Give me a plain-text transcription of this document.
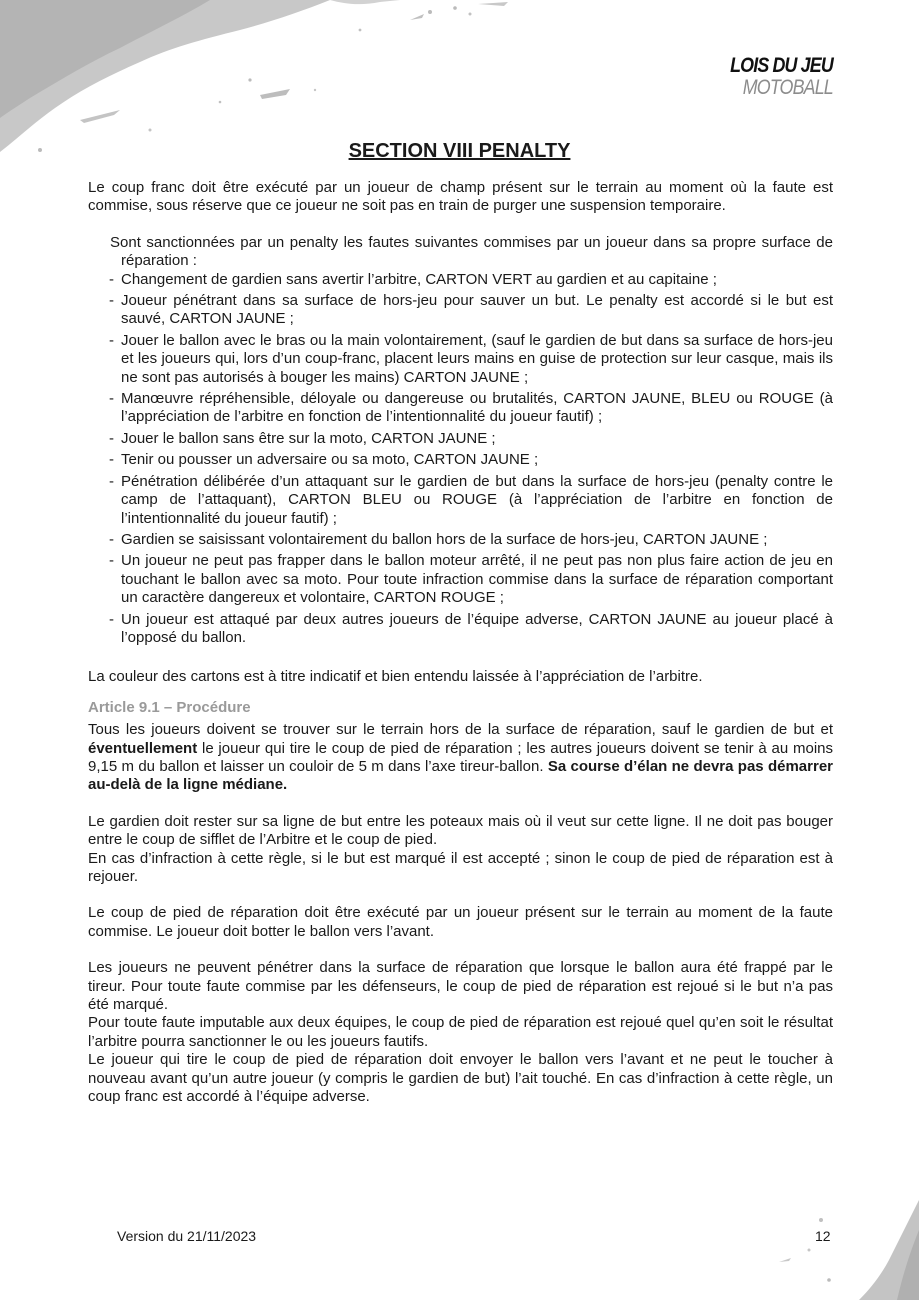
LOIS DU JEU
MOTOBALL
SECTION VIII PENALTY

Le coup franc doit être exécuté par un joueur de champ présent sur le terrain au moment où la faute est commise, sous réserve que ce joueur ne soit pas en train de purger une suspension temporaire.

Sont sanctionnées par un penalty les fautes suivantes commises par un joueur dans sa propre surface de réparation :

- Changement de gardien sans avertir l’arbitre, CARTON VERT au gardien et au capitaine ;
- Joueur pénétrant dans sa surface de hors-jeu pour sauver un but. Le penalty est accordé si le but est sauvé, CARTON JAUNE ;
- Jouer le ballon avec le bras ou la main volontairement, (sauf le gardien de but dans sa surface de hors-jeu et les joueurs qui, lors d’un coup-franc, placent leurs mains en guise de protection sur leur casque, mais ils ne sont pas autorisés à bouger les mains) CARTON JAUNE ;
- Manœuvre répréhensible, déloyale ou dangereuse ou brutalités, CARTON JAUNE, BLEU ou ROUGE (à l’appréciation de l’arbitre en fonction de l’intentionnalité du joueur fautif) ;
- Jouer le ballon sans être sur la moto, CARTON JAUNE ;
- Tenir ou pousser un adversaire ou sa moto, CARTON JAUNE ;
- Pénétration délibérée d’un attaquant sur le gardien de but dans la surface de hors-jeu (penalty contre le camp de l’attaquant), CARTON BLEU ou ROUGE (à l’appréciation de l’arbitre en fonction de l’intentionnalité du joueur fautif) ;
- Gardien se saisissant volontairement du ballon hors de la surface de hors-jeu, CARTON JAUNE ;
- Un joueur ne peut pas frapper dans le ballon moteur arrêté, il ne peut pas non plus faire action de jeu en touchant le ballon avec sa moto. Pour toute infraction commise dans la surface de réparation comportant un caractère dangereux et volontaire, CARTON ROUGE ;
- Un joueur est attaqué par deux autres joueurs de l’équipe adverse, CARTON JAUNE au joueur placé à l’opposé du ballon.

La couleur des cartons est à titre indicatif et bien entendu laissée à l’appréciation de l’arbitre.

Article 9.1 – Procédure

Tous les joueurs doivent se trouver sur le terrain hors de la surface de réparation, sauf le gardien de but et éventuellement le joueur qui tire le coup de pied de réparation ; les autres joueurs doivent se tenir à au moins 9,15 m du ballon et laisser un couloir de 5 m dans l’axe tireur-ballon. Sa course d’élan ne devra pas démarrer au-delà de la ligne médiane.

Le gardien doit rester sur sa ligne de but entre les poteaux mais où il veut sur cette ligne. Il ne doit pas bouger entre le coup de sifflet de l’Arbitre et le coup de pied.

En cas d’infraction à cette règle, si le but est marqué il est accepté ; sinon le coup de pied de réparation est à rejouer.

Le coup de pied de réparation doit être exécuté par un joueur présent sur le terrain au moment de la faute commise. Le joueur doit botter le ballon vers l’avant.

Les joueurs ne peuvent pénétrer dans la surface de réparation que lorsque le ballon aura été frappé par le tireur. Pour toute faute commise par les défenseurs, le coup de pied de réparation est rejoué si le but n’a pas été marqué.

Pour toute faute imputable aux deux équipes, le coup de pied de réparation est rejoué quel qu’en soit le résultat l’arbitre pourra sanctionner le ou les joueurs fautifs.

Le joueur qui tire le coup de pied de réparation doit envoyer le ballon vers l’avant et ne peut le toucher à nouveau avant qu’un autre joueur (y compris le gardien de but) l’ait touché. En cas d’infraction à cette règle, un coup franc est accordé à l’équipe adverse.

Version du 21/11/2023	12
